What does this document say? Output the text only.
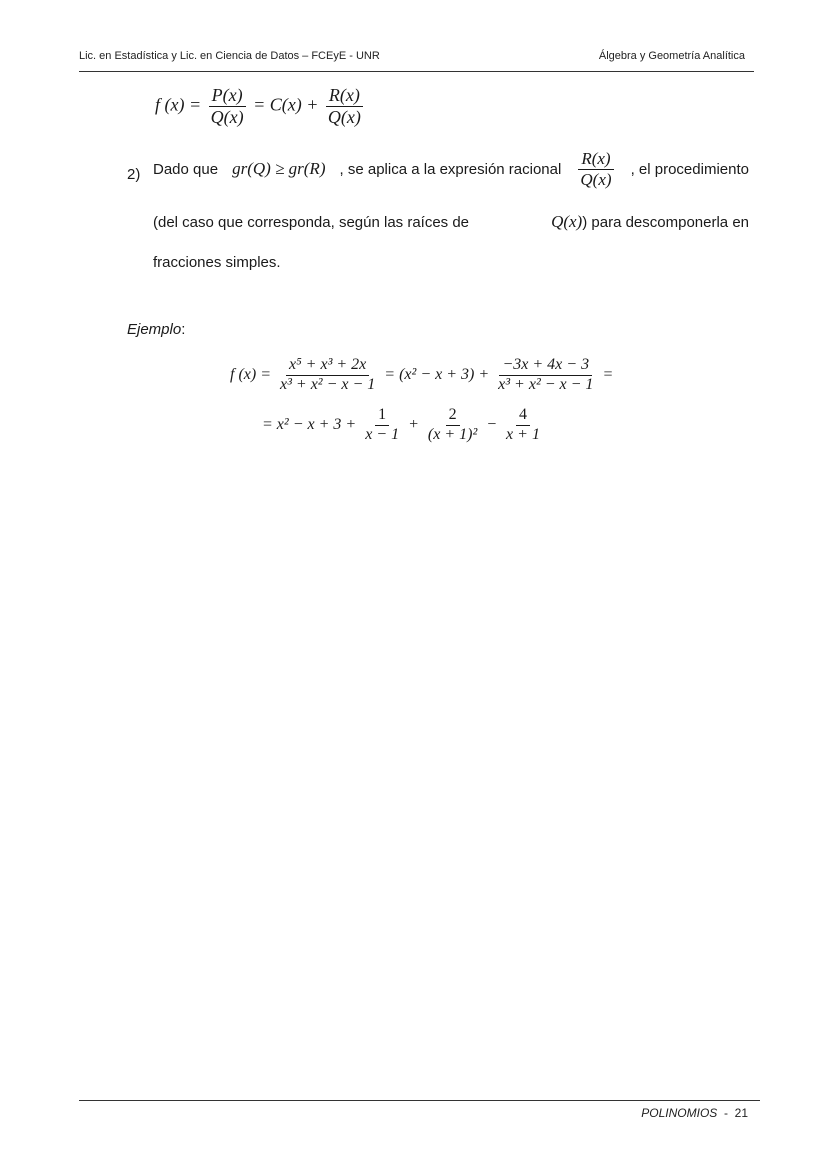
Lic. en Estadística y Lic. en Ciencia de Datos – FCEyE - UNR	Álgebra y Geometría Analítica
f $(x) = \frac{P(x)}{Q(x)} = C(x) + \frac{R(x)}{Q(x)}$
2) Dado que gr(Q) ≥ gr(R) , se aplica a la expresión racional $\frac{R(x)}{Q(x)}$ , el procedimiento
(del caso que corresponda, según las raíces de	Q(x) ) para descomponerla en
fracciones simples.
Ejemplo:
f $(x) = \frac{\text{x⁵ + x³ + 2x}}{\text{x³ + x² − x − 1}} = (x^2 - x + 3) + \frac{-3x + 4x - 3}{\text{x³ + x² − x − 1}}$ =
= $x^2 - x + 3 + \frac{1}{x - 1} + \frac{2}{\text{(x + 1)²}} - \frac{4}{x + 1}$
POLINOMIOS - 21
